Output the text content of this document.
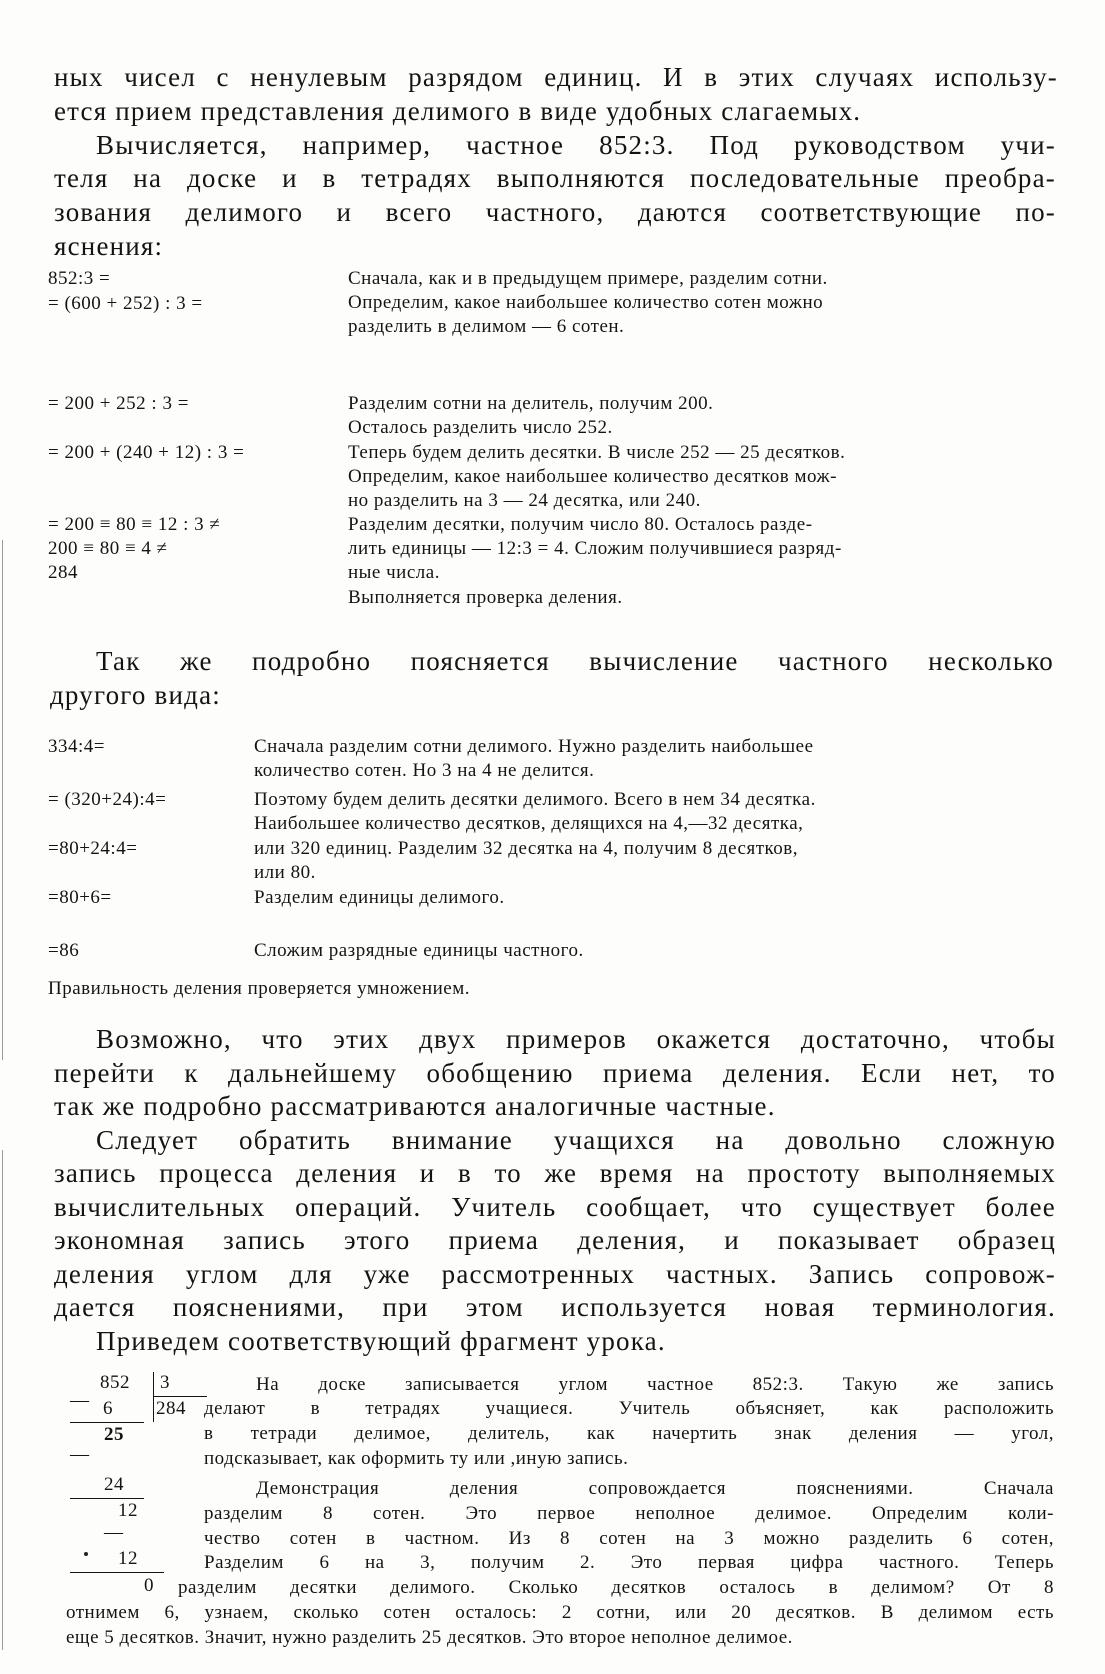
ных чисел с ненулевым разрядом единиц. И в этих случаях использу-
ется прием представления делимого в виде удобных слагаемых.
Вычисляется, например, частное 852:3. Под руководством учи-
теля на доске и в тетрадях выполняются последовательные преобра-
зования делимого и всего частного, даются соответствующие по-
яснения:
852:3 =
= (600 + 252) : 3 =
= 200 + 252 : 3 =
= 200 + (240 + 12) : 3 =
= 200 ≡ 80 ≡ 12 : 3 ≠
200 ≡ 80 ≡ 4 ≠
284
Сначала, как и в предыдущем примере, разделим сотни.
Определим, какое наибольшее количество сотен можно
разделить в делимом — 6 сотен.
Разделим сотни на делитель, получим 200.
Осталось разделить число 252.
Теперь будем делить десятки. В числе 252 — 25 десятков.
Определим, какое наибольшее количество десятков мож-
но разделить на 3 — 24 десятка, или 240.
Разделим десятки, получим число 80. Осталось разде-
лить единицы — 12:3 = 4. Сложим получившиеся разряд-
ные числа.
Выполняется проверка деления.
Так же подробно поясняется вычисление частного несколько
другого вида:
334:4=
= (320+24):4=
=80+24:4=
=80+6=
=86
Сначала разделим сотни делимого. Нужно разделить наибольшее
количество сотен. Но 3 на 4 не делится.
Поэтому будем делить десятки делимого. Всего в нем 34 десятка.
Наибольшее количество десятков, делящихся на 4,—32 десятка,
или 320 единиц. Разделим 32 десятка на 4, получим 8 десятков,
или 80.
Разделим единицы делимого.
Сложим разрядные единицы частного.
Правильность деления проверяется умножением.
Возможно, что этих двух примеров окажется достаточно, чтобы
перейти к дальнейшему обобщению приема деления. Если нет, то
так же подробно рассматриваются аналогичные частные.
Следует обратить внимание учащихся на довольно сложную
запись процесса деления и в то же время на простоту выполняемых
вычислительных операций. Учитель сообщает, что существует более
экономная запись этого приема деления, и показывает образец
деления углом для уже рассмотренных частных. Запись сопровож-
дается пояснениями, при этом используется новая терминология.
Приведем соответствующий фрагмент урока.
852 3
284
— 6
25
—
24
12
—
12
0
На доске записывается углом частное 852:3. Такую же запись
делают в тетрадях учащиеся. Учитель объясняет, как расположить
в тетради делимое, делитель, как начертить знак деления — угол,
подсказывает, как оформить ту или ,иную запись.
Демонстрация деления сопровождается пояснениями. Сначала
разделим 8 сотен. Это первое неполное делимое. Определим коли-
чество сотен в частном. Из 8 сотен на 3 можно разделить 6 сотен,
Разделим 6 на 3, получим 2. Это первая цифра частного. Теперь
разделим десятки делимого. Сколько десятков осталось в делимом? От 8
отнимем 6, узнаем, сколько сотен осталось: 2 сотни, или 20 десятков. В делимом есть
еще 5 десятков. Значит, нужно разделить 25 десятков. Это второе неполное делимое.
